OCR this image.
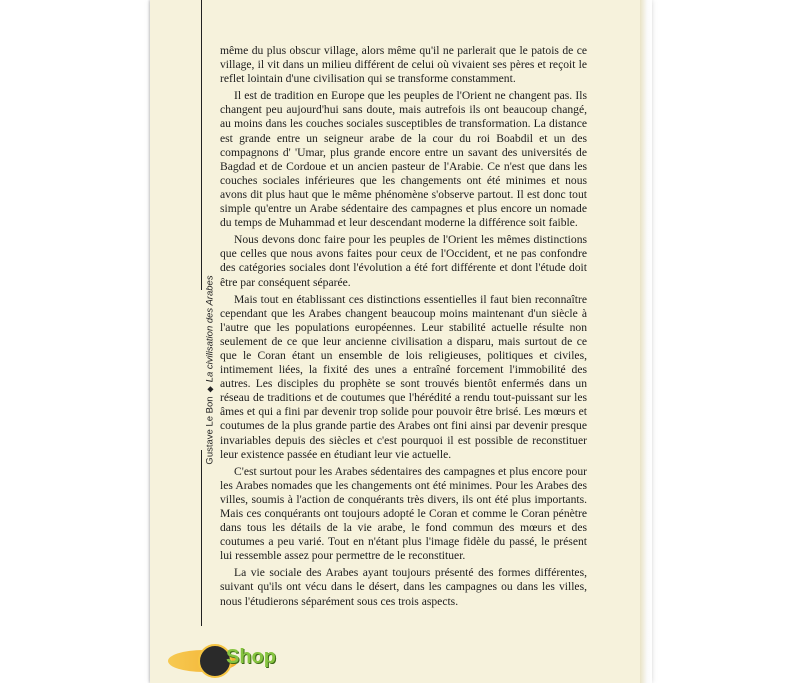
Gustave Le Bon◆La civilisation des Arabes

même du plus obscur village, alors même qu'il ne parlerait que le patois de ce village, il vit dans un milieu différent de celui où vivaient ses pères et reçoit le reflet lointain d'une civilisation qui se transforme constamment.

Il est de tradition en Europe que les peuples de l'Orient ne changent pas. Ils changent peu aujourd'hui sans doute, mais autrefois ils ont beaucoup changé, au moins dans les couches sociales susceptibles de transformation. La distance est grande entre un seigneur arabe de la cour du roi Boabdil et un des compagnons d' 'Umar, plus grande encore entre un savant des universités de Bagdad et de Cordoue et un ancien pasteur de l'Arabie. Ce n'est que dans les couches sociales inférieures que les changements ont été minimes et nous avons dit plus haut que le même phénomène s'observe partout. Il est donc tout simple qu'entre un Arabe sédentaire des campagnes et plus encore un nomade du temps de Muhammad et leur descendant moderne la différence soit faible.

Nous devons donc faire pour les peuples de l'Orient les mêmes distinctions que celles que nous avons faites pour ceux de l'Occident, et ne pas confondre des catégories sociales dont l'évolution a été fort différente et dont l'étude doit être par conséquent séparée.

Mais tout en établissant ces distinctions essentielles il faut bien reconnaître cependant que les Arabes changent beaucoup moins maintenant d'un siècle à l'autre que les populations européennes. Leur stabilité actuelle résulte non seulement de ce que leur ancienne civilisation a disparu, mais surtout de ce que le Coran étant un ensemble de lois religieuses, politiques et civiles, intimement liées, la fixité des unes a entraîné forcement l'immobilité des autres. Les disciples du prophète se sont trouvés bientôt enfermés dans un réseau de traditions et de coutumes que l'hérédité a rendu tout-puissant sur les âmes et qui a fini par devenir trop solide pour pouvoir être brisé. Les mœurs et coutumes de la plus grande partie des Arabes ont fini ainsi par devenir presque invariables depuis des siècles et c'est pourquoi il est possible de reconstituer leur existence passée en étudiant leur vie actuelle.

C'est surtout pour les Arabes sédentaires des campagnes et plus encore pour les Arabes nomades que les changements ont été minimes. Pour les Arabes des villes, soumis à l'action de conquérants très divers, ils ont été plus importants. Mais ces conquérants ont toujours adopté le Coran et comme le Coran pénètre dans tous les détails de la vie arabe, le fond commun des mœurs et des coutumes a peu varié. Tout en n'étant plus l'image fidèle du passé, le présent lui ressemble assez pour permettre de le reconstituer.

La vie sociale des Arabes ayant toujours présenté des formes différentes, suivant qu'ils ont vécu dans le désert, dans les campagnes ou dans les villes, nous l'étudierons séparément sous ces trois aspects.

Shop
